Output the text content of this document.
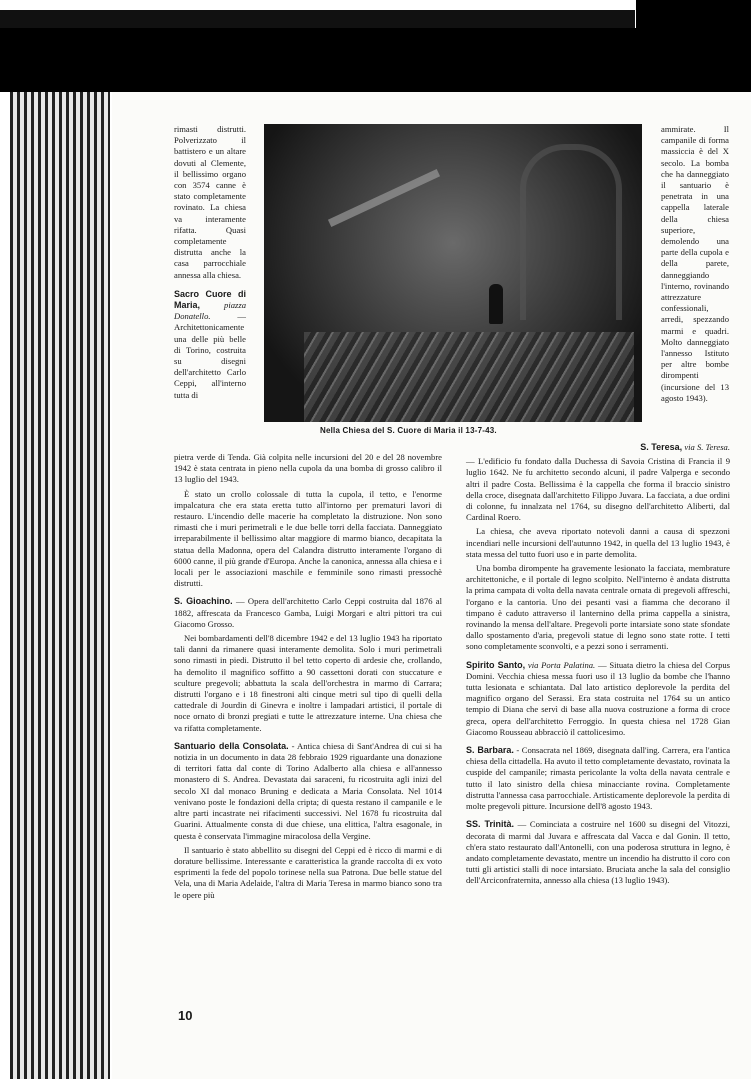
rimasti distrutti. Polverizzato il battistero e un altare dovuti al Clemente, il bellissimo organo con 3574 canne è stato completamente rovinato. La chiesa va interamente rifatta. Quasi completamente distrutta anche la casa parrocchiale annessa alla chiesa.

Sacro Cuore di Maria,	piazza Donatello.	— Architettonicamente una delle più belle di Torino, costruita su disegni dell'architetto Carlo Ceppi, all'interno tutta di

Nella Chiesa del S. Cuore di Maria il 13-7-43.

ammirate. Il campanile di forma massiccia è del X secolo. La bomba che ha danneggiato il santuario è penetrata in una cappella laterale della chiesa superiore, demolendo una parte della cupola e della parete, danneggiando l'interno, rovinando attrezzature confessionali, arredi, spezzando marmi e quadri. Molto danneggiato l'annesso Istituto per altre bombe dirompenti (incursione del 13 agosto 1943).

pietra verde di Tenda. Già colpita nelle incursioni del 20 e del 28 novembre 1942 è stata centrata in pieno nella cupola da una bomba di grosso calibro il 13 luglio del 1943.

È stato un crollo colossale di tutta la cupola, il tetto, e l'enorme impalcatura che era stata eretta tutto all'intorno per prematuri lavori di restauro. L'incendio delle macerie ha completato la distruzione. Non sono rimasti che i muri perimetrali e le due belle torri della facciata. Danneggiato irreparabilmente il bellissimo altar maggiore di marmo bianco, decapitata la statua della Madonna, opera del Calandra distrutto interamente l'organo di 6000 canne, il più grande d'Europa. Anche la canonica, annessa alla chiesa e i locali per le associazioni maschile e femminile sono rimasti pressochè distrutti.

S. Gioachino. — Opera dell'architetto Carlo Ceppi costruita dal 1876 al 1882, affrescata da Francesco Gamba, Luigi Morgari e altri pittori tra cui Giacomo Grosso.

Nei bombardamenti dell'8 dicembre 1942 e del 13 luglio 1943 ha riportato tali danni da rimanere quasi interamente demolita. Solo i muri perimetrali sono rimasti in piedi. Distrutto il bel tetto coperto di ardesie che, crollando, ha demolito il magnifico soffitto a 90 cassettoni dorati con stuccature e sculture pregevoli; abbattuta la scala dell'orchestra in marmo di Carrara; distrutti l'organo e i 18 finestroni alti cinque metri sul tipo di quelli della cattedrale di Jourdin di Ginevra e inoltre i lampadari artistici, il portale di noce ornato di bronzi pregiati e tutte le attrezzature interne. Una chiesa che va rifatta completamente.

Santuario della Consolata. - Antica chiesa di Sant'Andrea di cui si ha notizia in un documento in data 28 febbraio 1929 riguardante una donazione di territori fatta dal conte di Torino Adalberto alla chiesa e all'annesso monastero di S. Andrea. Devastata dai saraceni, fu ricostruita agli inizi del secolo XI dal monaco Bruning e dedicata a Maria Consolata. Nel 1014 venivano poste le fondazioni della cripta; di questa restano il campanile e le altre parti incastrate nei rifacimenti successivi. Nel 1678 fu ricostruita dal Guarini. Attualmente consta di due chiese, una elittica, l'altra esagonale, in questa è conservata l'immagine miracolosa della Vergine.

Il santuario è stato abbellito su disegni del Ceppi ed è ricco di marmi e di dorature bellissime. Interessante e caratteristica la grande raccolta di ex voto esprimenti la fede del popolo torinese nella sua Patrona. Due belle statue del Vela, una di Maria Adelaide, l'altra di Maria Teresa in marmo bianco sono tra le opere più

S. Teresa, via S. Teresa.

— L'edificio fu fondato dalla Duchessa di Savoia Cristina di Francia il 9 luglio 1642. Ne fu architetto secondo alcuni, il padre Valperga e secondo altri il padre Costa. Bellissima è la cappella che forma il braccio sinistro della croce, disegnata dall'architetto Filippo Juvara. La facciata, a due ordini di colonne, fu innalzata nel 1764, su disegno dell'architetto Aliberti, dal Cardinal Roero.

La chiesa, che aveva riportato notevoli danni a causa di spezzoni incendiari nelle incursioni dell'autunno 1942, in quella del 13 luglio 1943, è stata messa del tutto fuori uso e in parte demolita.

Una bomba dirompente ha gravemente lesionato la facciata, membrature architettoniche, e il portale di legno scolpito. Nell'interno è andata distrutta la prima campata di volta della navata centrale ornata di pregevoli affreschi, l'organo e la cantoria. Uno dei pesanti vasi a fiamma che decorano il timpano è caduto attraverso il lanternino della prima cappella a sinistra, rovinando la mensa dell'altare. Pregevoli porte intarsiate sono state sfondate dallo spostamento d'aria, pregevoli statue di legno sono state rotte. I tetti sono completamente sconvolti, e a pezzi sono i serramenti.

Spirito Santo, via Porta Palatina. — Situata dietro la chiesa del Corpus Domini. Vecchia chiesa messa fuori uso il 13 luglio da bombe che l'hanno tutta lesionata e schiantata. Dal lato artistico deplorevole la perdita del magnifico organo del Serassi. Era stata costruita nel 1764 su un antico tempio di Diana che servì di base alla nuova costruzione a forma di croce greca, opera dell'architetto Ferroggio. In questa chiesa nel 1728 Gian Giacomo Rousseau abbracciò il cattolicesimo.

S. Barbara. - Consacrata nel 1869, disegnata dall'ing. Carrera, era l'antica chiesa della cittadella. Ha avuto il tetto completamente devastato, rovinata la cuspide del campanile; rimasta pericolante la volta della navata centrale e tutto il lato sinistro della chiesa minacciante rovina. Completamente distrutta l'annessa casa parrocchiale. Artisticamente deplorevole la perdita di molte pregevoli pitture. Incursione dell'8 agosto 1943.

SS. Trinità. — Cominciata a costruire nel 1600 su disegni del Vitozzi, decorata di marmi dal Juvara e affrescata dal Vacca e dal Gonin. Il tetto, ch'era stato restaurato dall'Antonelli, con una poderosa struttura in legno, è andato completamente devastato, mentre un incendio ha distrutto il coro con tutti gli artistici stalli di noce intarsiato. Bruciata anche la sala del consiglio dell'Arciconfraternita, annesso alla chiesa (13 luglio 1943).

10
